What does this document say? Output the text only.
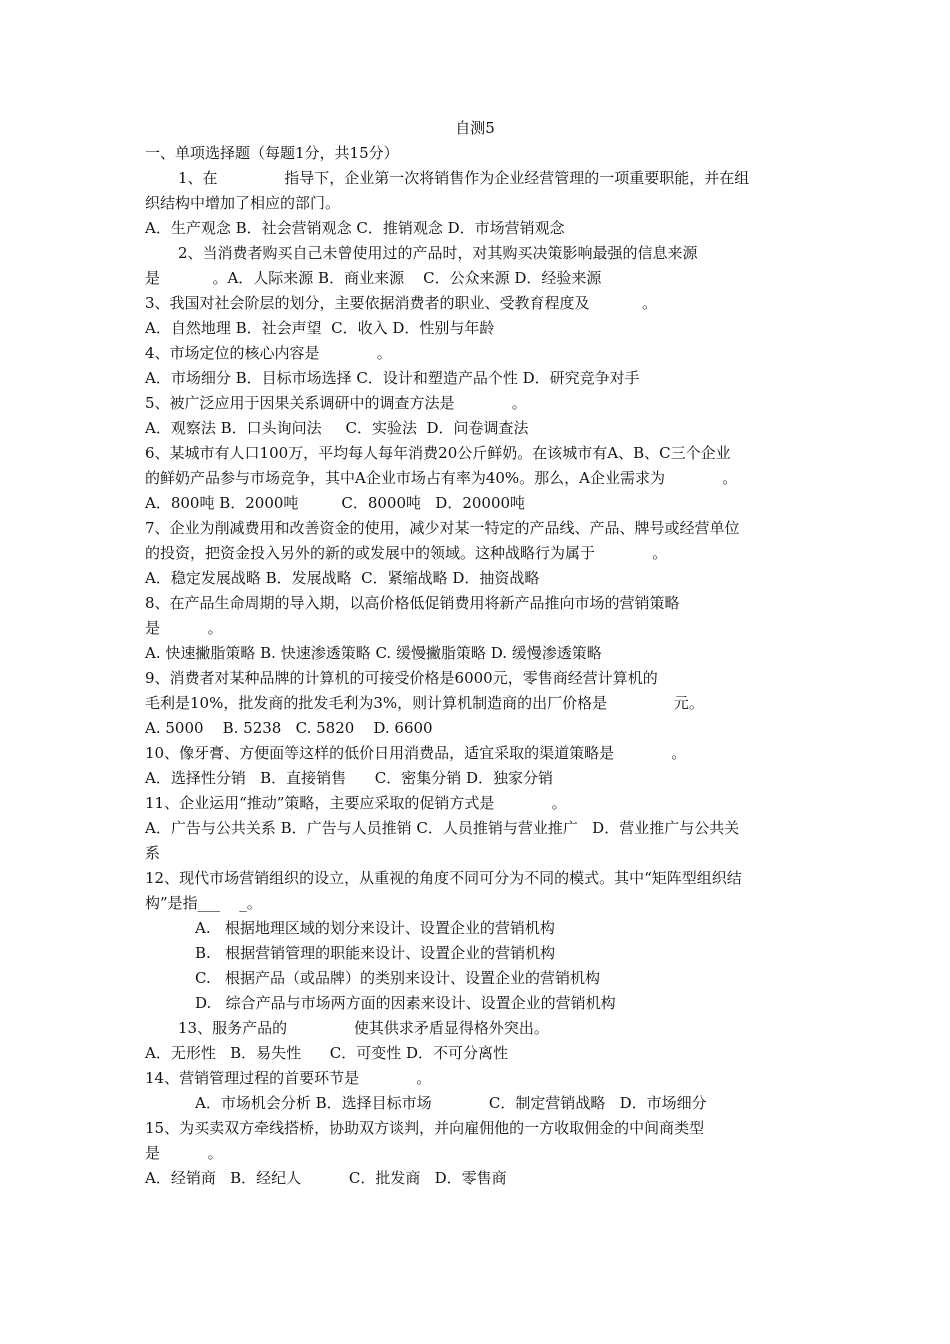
自测5
一、单项选择题（每题1分，共15分）
1、在              指导下，企业第一次将销售作为企业经营管理的一项重要职能，并在组
织结构中增加了相应的部门。
A．生产观念 B．社会营销观念 C．推销观念 D．市场营销观念
2、当消费者购买自己未曾使用过的产品时，对其购买决策影响最强的信息来源
是           。A．人际来源 B．商业来源    C．公众来源 D．经验来源
3、我国对社会阶层的划分，主要依据消费者的职业、受教育程度及           。
A．自然地理 B．社会声望  C．收入 D．性别与年龄
4、市场定位的核心内容是            。
A．市场细分 B．目标市场选择 C．设计和塑造产品个性 D．研究竞争对手
5、被广泛应用于因果关系调研中的调查方法是            。
A．观察法 B．口头询问法     C．实验法  D．问卷调查法
6、某城市有人口100万，平均每人每年消费20公斤鲜奶。在该城市有A、B、C三个企业
的鲜奶产品参与市场竞争，其中A企业市场占有率为40%。那么，A企业需求为            。
A．800吨 B．2000吨         C．8000吨   D．20000吨
7、企业为削减费用和改善资金的使用，减少对某一特定的产品线、产品、牌号或经营单位
的投资，把资金投入另外的新的或发展中的领域。这种战略行为属于            。
A．稳定发展战略 B．发展战略  C．紧缩战略 D．抽资战略
8、在产品生命周期的导入期，以高价格低促销费用将新产品推向市场的营销策略
是          。
A. 快速撇脂策略 B. 快速渗透策略 C. 缓慢撇脂策略 D. 缓慢渗透策略
9、消费者对某种品牌的计算机的可接受价格是6000元，零售商经营计算机的
毛利是10%，批发商的批发毛利为3%，则计算机制造商的出厂价格是              元。
A. 5000    B. 5238   C. 5820    D. 6600
10、像牙膏、方便面等这样的低价日用消费品，适宜采取的渠道策略是            。
A．选择性分销   B．直接销售      C．密集分销 D．独家分销
11、企业运用“推动”策略，主要应采取的促销方式是            。
A．广告与公共关系 B．广告与人员推销 C．人员推销与营业推广   D．营业推广与公共关
系
12、现代市场营销组织的设立，从重视的角度不同可分为不同的模式。其中“矩阵型组织结
构”是指___    _。
A.   根据地理区域的划分来设计、设置企业的营销机构
B.   根据营销管理的职能来设计、设置企业的营销机构
C.   根据产品（或品牌）的类别来设计、设置企业的营销机构
D.   综合产品与市场两方面的因素来设计、设置企业的营销机构
13、服务产品的              使其供求矛盾显得格外突出。
A．无形性   B．易失性      C．可变性 D．不可分离性
14、营销管理过程的首要环节是            。
A．市场机会分析 B．选择目标市场            C．制定营销战略   D．市场细分
15、为买卖双方牵线搭桥，协助双方谈判，并向雇佣他的一方收取佣金的中间商类型
是          。
A．经销商   B．经纪人          C．批发商   D．零售商
